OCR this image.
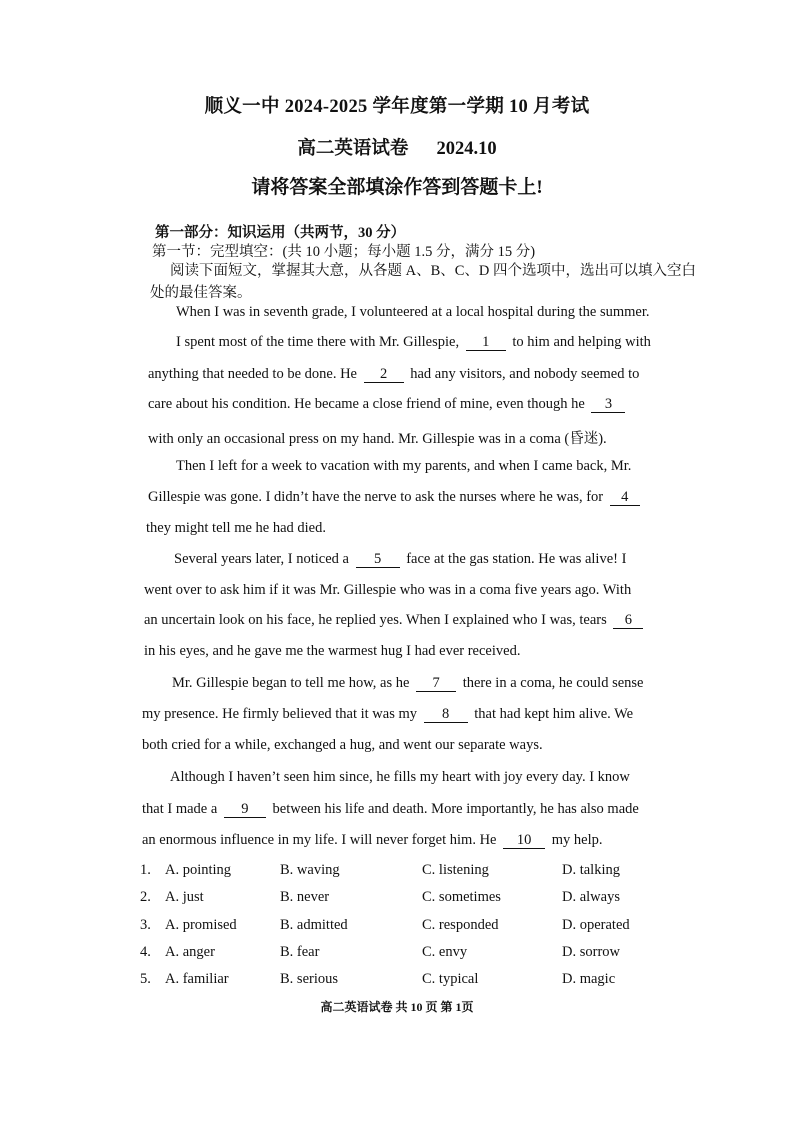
顺义一中 2024-2025 学年度第一学期 10 月考试
高二英语试卷 2024.10
请将答案全部填涂作答到答题卡上!
第一部分：知识运用（共两节，30 分）
第一节：完型填空：(共 10 小题；每小题 1.5 分，满分 15 分)
阅读下面短文，掌握其大意，从各题 A、B、C、D 四个选项中，选出可以填入空白处的最佳答案。
When I was in seventh grade, I volunteered at a local hospital during the summer.
I spent most of the time there with Mr. Gillespie, 1 to him and helping with
anything that needed to be done. He 2 had any visitors, and nobody seemed to
care about his condition. He became a close friend of mine, even though he 3
with only an occasional press on my hand. Mr. Gillespie was in a coma (昏迷).
Then I left for a week to vacation with my parents, and when I came back, Mr.
Gillespie was gone. I didn’t have the nerve to ask the nurses where he was, for 4
they might tell me he had died.
Several years later, I noticed a 5 face at the gas station. He was alive! I
went over to ask him if it was Mr. Gillespie who was in a coma five years ago. With
an uncertain look on his face, he replied yes. When I explained who I was, tears 6
in his eyes, and he gave me the warmest hug I had ever received.
Mr. Gillespie began to tell me how, as he 7 there in a coma, he could sense
my presence. He firmly believed that it was my 8 that had kept him alive. We
both cried for a while, exchanged a hug, and went our separate ways.
Although I haven’t seen him since, he fills my heart with joy every day. I know
that I made a 9 between his life and death. More importantly, he has also made
an enormous influence in my life. I will never forget him. He 10 my help.
1. A. pointing	B. waving	C. listening	D. talking
2. A. just	B. never	C. sometimes	D. always
3. A. promised	B. admitted	C. responded	D. operated
4. A. anger	B. fear	C. envy	D. sorrow
5. A. familiar	B. serious	C. typical	D. magic
高二英语试卷 共 10 页 第 1页
